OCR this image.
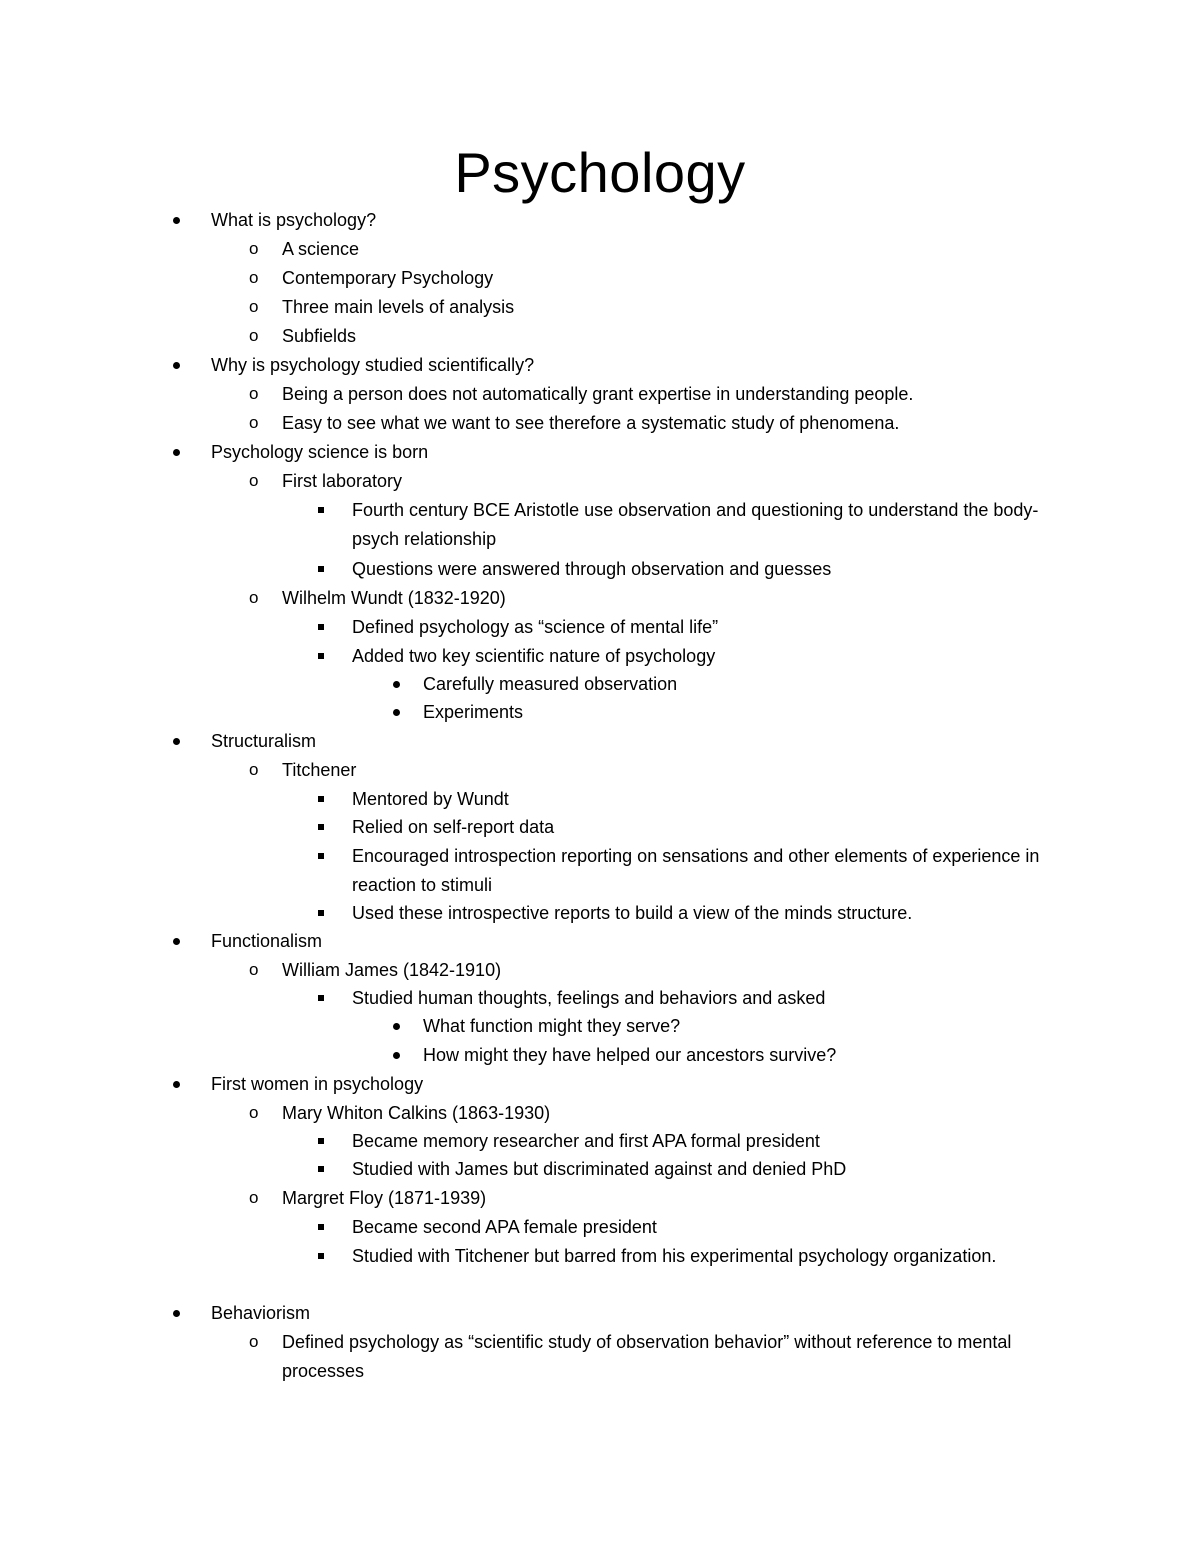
Psychology
What is psychology?
o A science
o Contemporary Psychology
o Three main levels of analysis
o Subfields
Why is psychology studied scientifically?
o Being a person does not automatically grant expertise in understanding people.
o Easy to see what we want to see therefore a systematic study of phenomena.
Psychology science is born
o First laboratory
Fourth century BCE Aristotle use observation and questioning to understand the body-psych relationship
Questions were answered through observation and guesses
o Wilhelm Wundt (1832-1920)
Defined psychology as “science of mental life”
Added two key scientific nature of psychology
Carefully measured observation
Experiments
Structuralism
o Titchener
Mentored by Wundt
Relied on self-report data
Encouraged introspection reporting on sensations and other elements of experience in reaction to stimuli
Used these introspective reports to build a view of the minds structure.
Functionalism
o William James (1842-1910)
Studied human thoughts, feelings and behaviors and asked
What function might they serve?
How might they have helped our ancestors survive?
First women in psychology
o Mary Whiton Calkins (1863-1930)
Became memory researcher and first APA formal president
Studied with James but discriminated against and denied PhD
o Margret Floy (1871-1939)
Became second APA female president
Studied with Titchener but barred from his experimental psychology organization.
Behaviorism
o Defined psychology as “scientific study of observation behavior” without reference to mental processes
